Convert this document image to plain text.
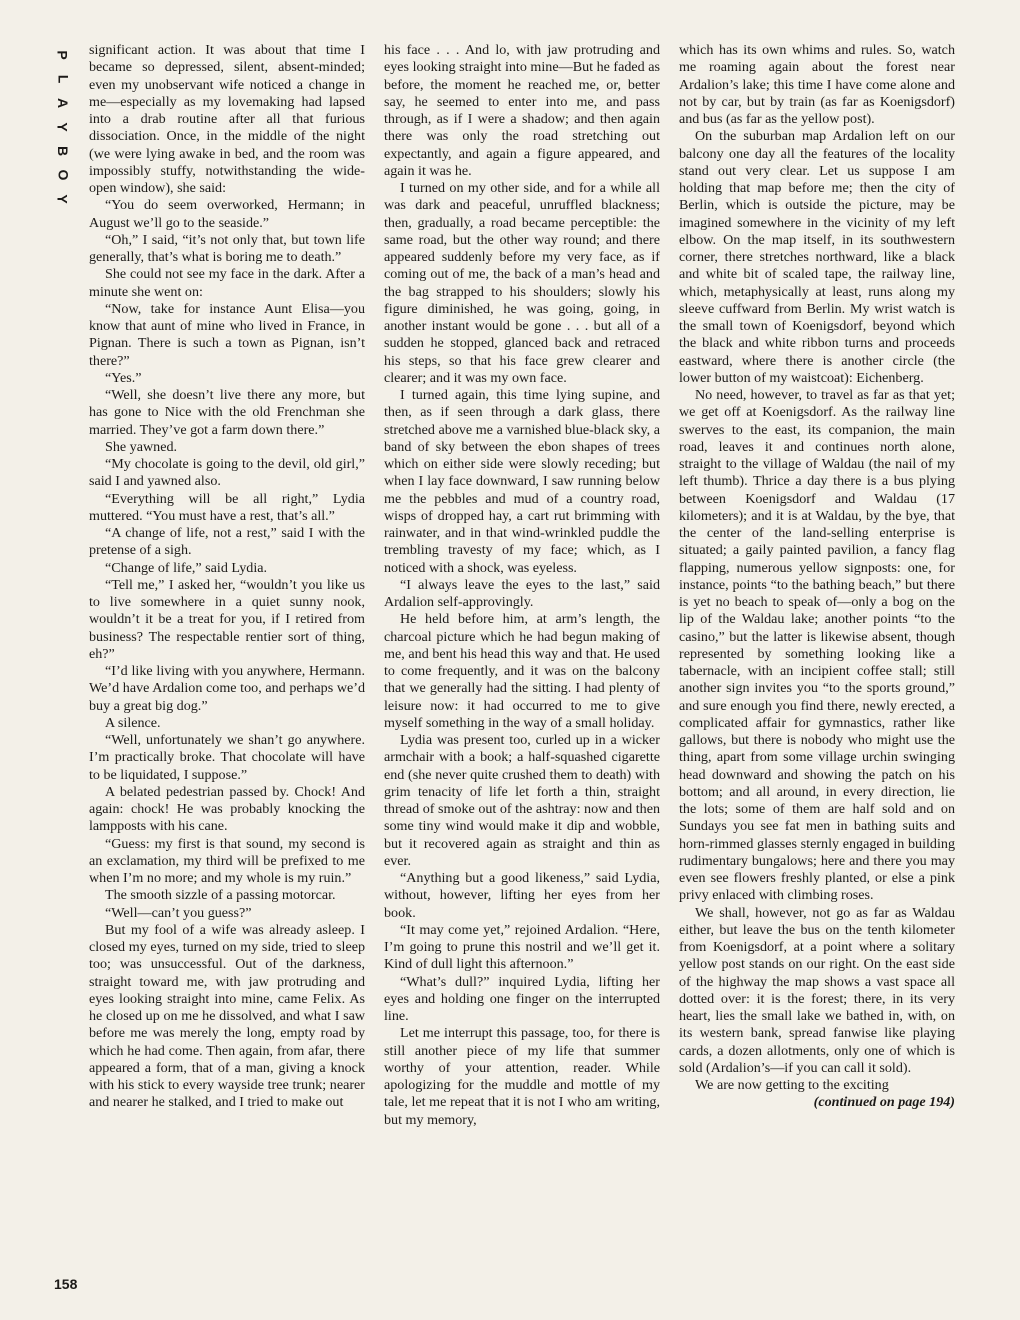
P
L
A
Y
B
O
Y
158

significant action. It was about that time I became so depressed, silent, absent-minded; even my unobservant wife noticed a change in me—especially as my lovemaking had lapsed into a drab routine after all that furious dissociation. Once, in the middle of the night (we were lying awake in bed, and the room was impossibly stuffy, notwithstanding the wide-open window), she said:

“You do seem overworked, Hermann; in August we’ll go to the seaside.”

“Oh,” I said, “it’s not only that, but town life generally, that’s what is boring me to death.”

She could not see my face in the dark. After a minute she went on:

“Now, take for instance Aunt Elisa—you know that aunt of mine who lived in France, in Pignan. There is such a town as Pignan, isn’t there?”

“Yes.”

“Well, she doesn’t live there any more, but has gone to Nice with the old Frenchman she married. They’ve got a farm down there.”

She yawned.

“My chocolate is going to the devil, old girl,” said I and yawned also.

“Everything will be all right,” Lydia muttered. “You must have a rest, that’s all.”

“A change of life, not a rest,” said I with the pretense of a sigh.

“Change of life,” said Lydia.

“Tell me,” I asked her, “wouldn’t you like us to live somewhere in a quiet sunny nook, wouldn’t it be a treat for you, if I retired from business? The respectable rentier sort of thing, eh?”

“I’d like living with you anywhere, Hermann. We’d have Ardalion come too, and perhaps we’d buy a great big dog.”

A silence.

“Well, unfortunately we shan’t go anywhere. I’m practically broke. That chocolate will have to be liquidated, I suppose.”

A belated pedestrian passed by. Chock! And again: chock! He was probably knocking the lampposts with his cane.

“Guess: my first is that sound, my second is an exclamation, my third will be prefixed to me when I’m no more; and my whole is my ruin.”

The smooth sizzle of a passing motorcar.

“Well—can’t you guess?”

But my fool of a wife was already asleep. I closed my eyes, turned on my side, tried to sleep too; was unsuccessful. Out of the darkness, straight toward me, with jaw protruding and eyes looking straight into mine, came Felix. As he closed up on me he dissolved, and what I saw before me was merely the long, empty road by which he had come. Then again, from afar, there appeared a form, that of a man, giving a knock with his stick to every wayside tree trunk; nearer and nearer he stalked, and I tried to make out

his face . . . And lo, with jaw protruding and eyes looking straight into mine—But he faded as before, the moment he reached me, or, better say, he seemed to enter into me, and pass through, as if I were a shadow; and then again there was only the road stretching out expectantly, and again a figure appeared, and again it was he.

I turned on my other side, and for a while all was dark and peaceful, unruffled blackness; then, gradually, a road became perceptible: the same road, but the other way round; and there appeared suddenly before my very face, as if coming out of me, the back of a man’s head and the bag strapped to his shoulders; slowly his figure diminished, he was going, going, in another instant would be gone . . . but all of a sudden he stopped, glanced back and retraced his steps, so that his face grew clearer and clearer; and it was my own face.

I turned again, this time lying supine, and then, as if seen through a dark glass, there stretched above me a varnished blue-black sky, a band of sky between the ebon shapes of trees which on either side were slowly receding; but when I lay face downward, I saw running below me the pebbles and mud of a country road, wisps of dropped hay, a cart rut brimming with rainwater, and in that wind-wrinkled puddle the trembling travesty of my face; which, as I noticed with a shock, was eyeless.

“I always leave the eyes to the last,” said Ardalion self-approvingly.

He held before him, at arm’s length, the charcoal picture which he had begun making of me, and bent his head this way and that. He used to come frequently, and it was on the balcony that we generally had the sitting. I had plenty of leisure now: it had occurred to me to give myself something in the way of a small holiday.

Lydia was present too, curled up in a wicker armchair with a book; a half-squashed cigarette end (she never quite crushed them to death) with grim tenacity of life let forth a thin, straight thread of smoke out of the ashtray: now and then some tiny wind would make it dip and wobble, but it recovered again as straight and thin as ever.

“Anything but a good likeness,” said Lydia, without, however, lifting her eyes from her book.

“It may come yet,” rejoined Ardalion. “Here, I’m going to prune this nostril and we’ll get it. Kind of dull light this afternoon.”

“What’s dull?” inquired Lydia, lifting her eyes and holding one finger on the interrupted line.

Let me interrupt this passage, too, for there is still another piece of my life that summer worthy of your attention, reader. While apologizing for the muddle and mottle of my tale, let me repeat that it is not I who am writing, but my memory,

which has its own whims and rules. So, watch me roaming again about the forest near Ardalion’s lake; this time I have come alone and not by car, but by train (as far as Koenigsdorf) and bus (as far as the yellow post).

On the suburban map Ardalion left on our balcony one day all the features of the locality stand out very clear. Let us suppose I am holding that map before me; then the city of Berlin, which is outside the picture, may be imagined somewhere in the vicinity of my left elbow. On the map itself, in its southwestern corner, there stretches northward, like a black and white bit of scaled tape, the railway line, which, metaphysically at least, runs along my sleeve cuffward from Berlin. My wrist watch is the small town of Koenigsdorf, beyond which the black and white ribbon turns and proceeds eastward, where there is another circle (the lower button of my waistcoat): Eichenberg.

No need, however, to travel as far as that yet; we get off at Koenigsdorf. As the railway line swerves to the east, its companion, the main road, leaves it and continues north alone, straight to the village of Waldau (the nail of my left thumb). Thrice a day there is a bus plying between Koenigsdorf and Waldau (17 kilometers); and it is at Waldau, by the bye, that the center of the land-selling enterprise is situated; a gaily painted pavilion, a fancy flag flapping, numerous yellow signposts: one, for instance, points “to the bathing beach,” but there is yet no beach to speak of—only a bog on the lip of the Waldau lake; another points “to the casino,” but the latter is likewise absent, though represented by something looking like a tabernacle, with an incipient coffee stall; still another sign invites you “to the sports ground,” and sure enough you find there, newly erected, a complicated affair for gymnastics, rather like gallows, but there is nobody who might use the thing, apart from some village urchin swinging head downward and showing the patch on his bottom; and all around, in every direction, lie the lots; some of them are half sold and on Sundays you see fat men in bathing suits and horn-rimmed glasses sternly engaged in building rudimentary bungalows; here and there you may even see flowers freshly planted, or else a pink privy enlaced with climbing roses.

We shall, however, not go as far as Waldau either, but leave the bus on the tenth kilometer from Koenigsdorf, at a point where a solitary yellow post stands on our right. On the east side of the highway the map shows a vast space all dotted over: it is the forest; there, in its very heart, lies the small lake we bathed in, with, on its western bank, spread fanwise like playing cards, a dozen allotments, only one of which is sold (Ardalion’s—if you can call it sold).

We are now getting to the exciting

(continued on page 194)
